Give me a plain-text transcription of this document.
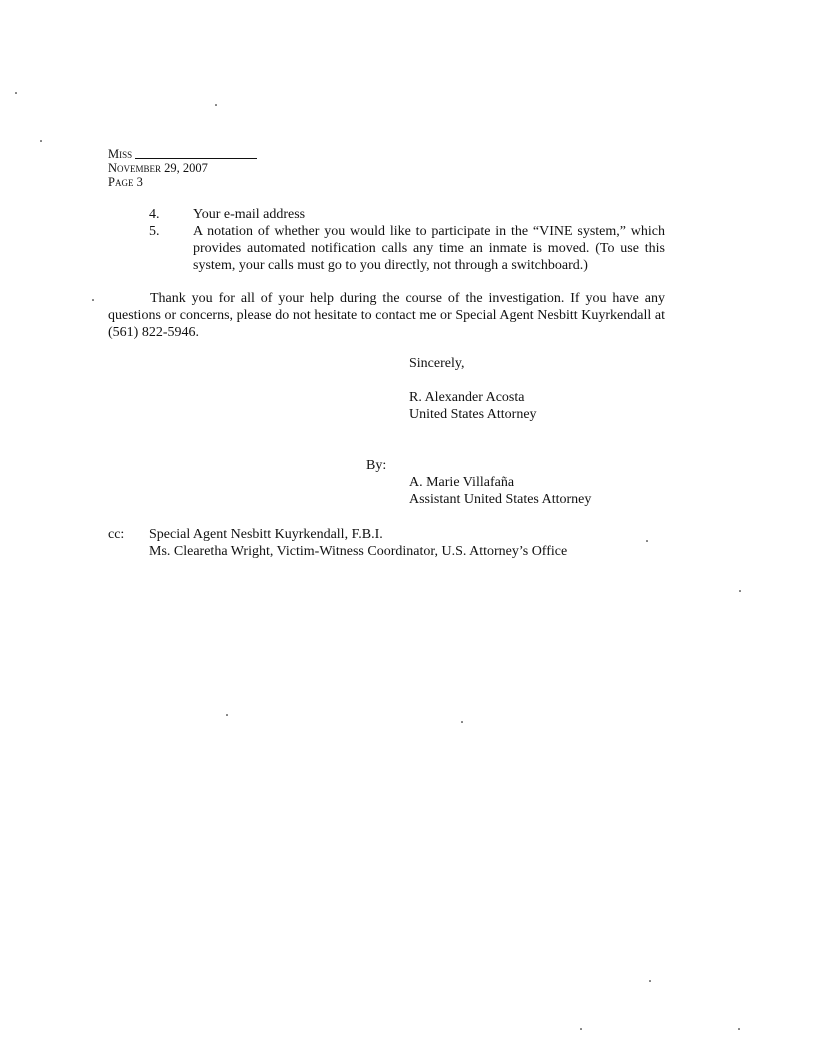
Miss
November 29, 2007
Page 3
4.	Your e-mail address
5.	A notation of whether you would like to participate in the “VINE system,” which provides automated notification calls any time an inmate is moved. (To use this system, your calls must go to you directly, not through a switchboard.)
Thank you for all of your help during the course of the investigation. If you have any questions or concerns, please do not hesitate to contact me or Special Agent Nesbitt Kuyrkendall at (561) 822-5946.
Sincerely,
R. Alexander Acosta
United States Attorney
By:
A. Marie Villafaña
Assistant United States Attorney
cc: Special Agent Nesbitt Kuyrkendall, F.B.I.
Ms. Clearetha Wright, Victim-Witness Coordinator, U.S. Attorney’s Office
